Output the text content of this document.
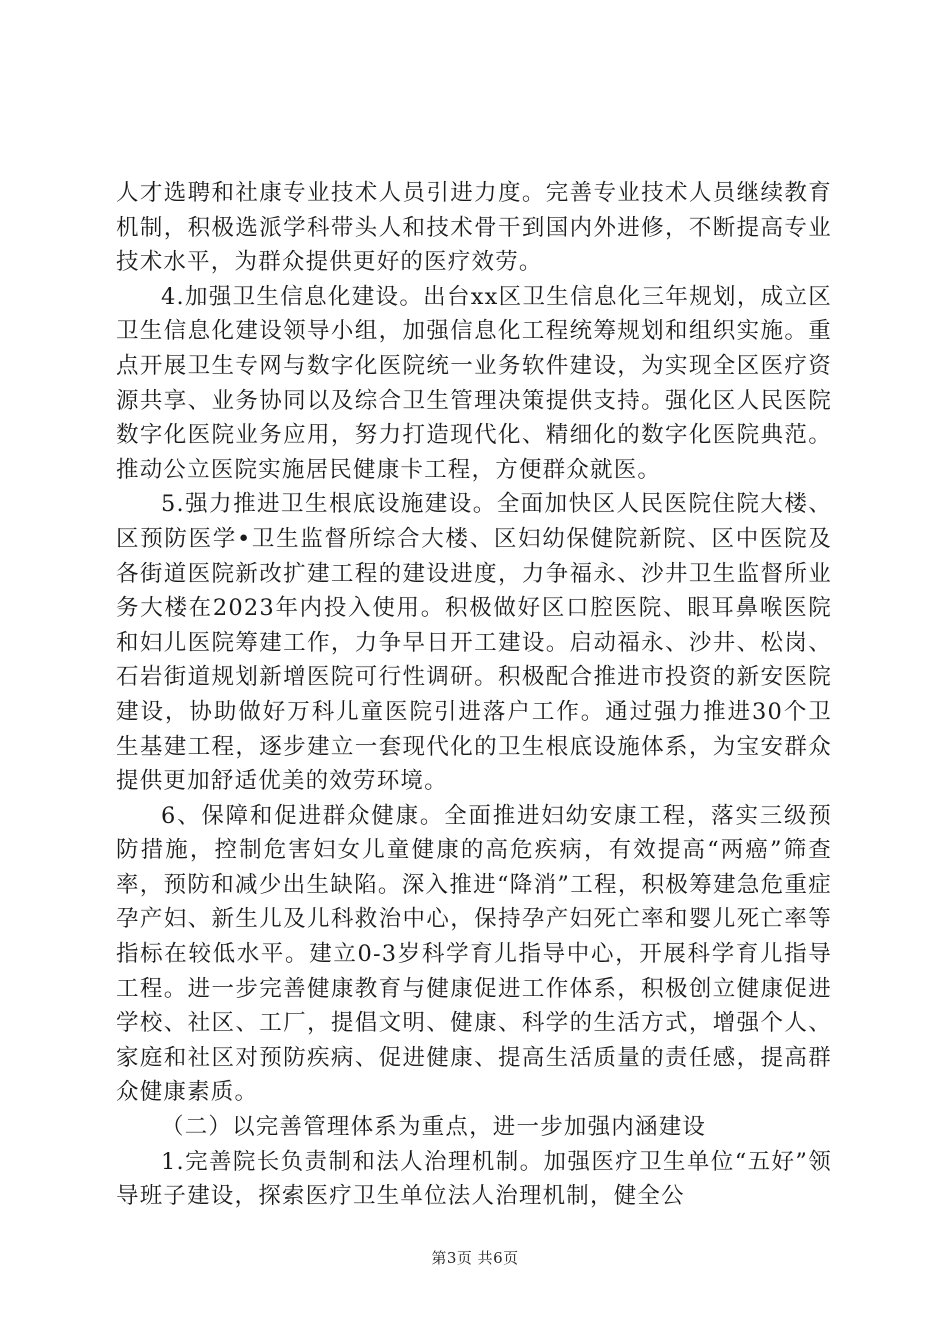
人才选聘和社康专业技术人员引进力度。完善专业技术人员继续教育机制，积极选派学科带头人和技术骨干到国内外进修，不断提高专业技术水平，为群众提供更好的医疗效劳。

4.加强卫生信息化建设。出台xx区卫生信息化三年规划，成立区卫生信息化建设领导小组，加强信息化工程统筹规划和组织实施。重点开展卫生专网与数字化医院统一业务软件建设，为实现全区医疗资源共享、业务协同以及综合卫生管理决策提供支持。强化区人民医院数字化医院业务应用，努力打造现代化、精细化的数字化医院典范。推动公立医院实施居民健康卡工程，方便群众就医。

5.强力推进卫生根底设施建设。全面加快区人民医院住院大楼、区预防医学•卫生监督所综合大楼、区妇幼保健院新院、区中医院及各街道医院新改扩建工程的建设进度，力争福永、沙井卫生监督所业务大楼在2023年内投入使用。积极做好区口腔医院、眼耳鼻喉医院和妇儿医院筹建工作，力争早日开工建设。启动福永、沙井、松岗、石岩街道规划新增医院可行性调研。积极配合推进市投资的新安医院建设，协助做好万科儿童医院引进落户工作。通过强力推进30个卫生基建工程，逐步建立一套现代化的卫生根底设施体系，为宝安群众提供更加舒适优美的效劳环境。

6、保障和促进群众健康。全面推进妇幼安康工程，落实三级预防措施，控制危害妇女儿童健康的高危疾病，有效提高“两癌”筛查率，预防和减少出生缺陷。深入推进“降消”工程，积极筹建急危重症孕产妇、新生儿及儿科救治中心，保持孕产妇死亡率和婴儿死亡率等指标在较低水平。建立0-3岁科学育儿指导中心，开展科学育儿指导工程。进一步完善健康教育与健康促进工作体系，积极创立健康促进学校、社区、工厂，提倡文明、健康、科学的生活方式，增强个人、家庭和社区对预防疾病、促进健康、提高生活质量的责任感，提高群众健康素质。

（二）以完善管理体系为重点，进一步加强内涵建设

1.完善院长负责制和法人治理机制。加强医疗卫生单位“五好”领导班子建设，探索医疗卫生单位法人治理机制，健全公

第3页 共6页
